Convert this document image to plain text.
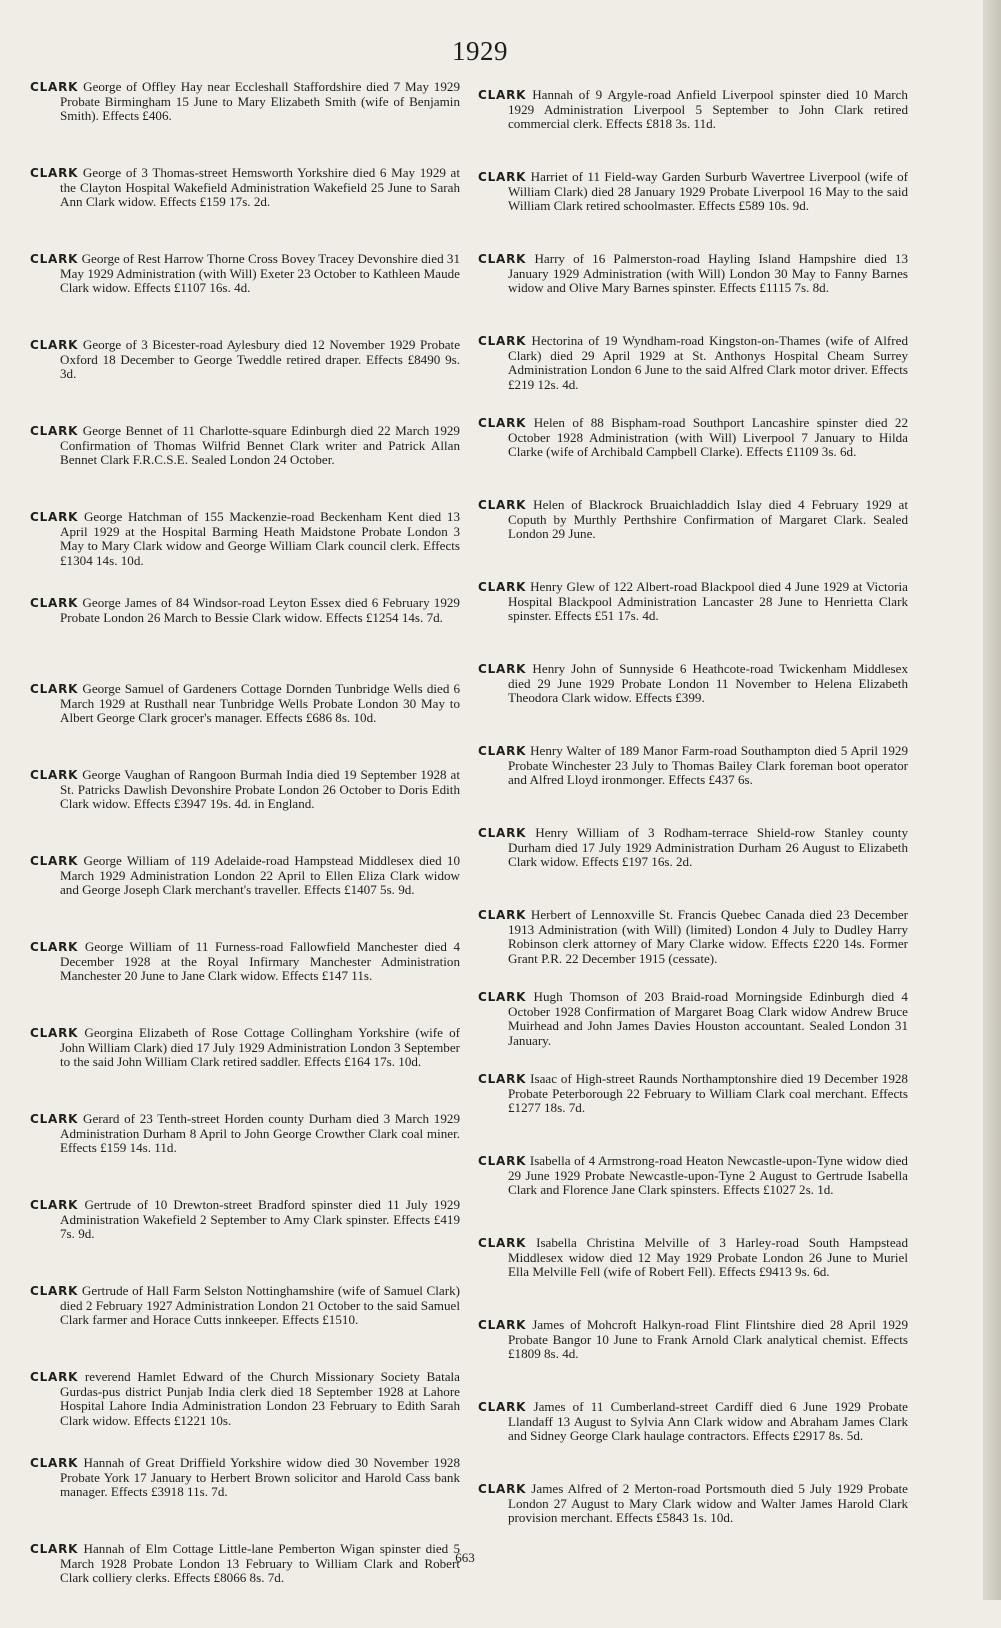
1929
CLARK George of Offley Hay near Eccleshall Staffordshire died 7 May 1929 Probate Birmingham 15 June to Mary Elizabeth Smith (wife of Benjamin Smith). Effects £406.
CLARK George of 3 Thomas-street Hemsworth Yorkshire died 6 May 1929 at the Clayton Hospital Wakefield Administration Wakefield 25 June to Sarah Ann Clark widow. Effects £159 17s. 2d.
CLARK George of Rest Harrow Thorne Cross Bovey Tracey Devonshire died 31 May 1929 Administration (with Will) Exeter 23 October to Kathleen Maude Clark widow. Effects £1107 16s. 4d.
CLARK George of 3 Bicester-road Aylesbury died 12 November 1929 Probate Oxford 18 December to George Tweddle retired draper. Effects £8490 9s. 3d.
CLARK George Bennet of 11 Charlotte-square Edinburgh died 22 March 1929 Confirmation of Thomas Wilfrid Bennet Clark writer and Patrick Allan Bennet Clark F.R.C.S.E. Sealed London 24 October.
CLARK George Hatchman of 155 Mackenzie-road Beckenham Kent died 13 April 1929 at the Hospital Barming Heath Maidstone Probate London 3 May to Mary Clark widow and George William Clark council clerk. Effects £1304 14s. 10d.
CLARK George James of 84 Windsor-road Leyton Essex died 6 February 1929 Probate London 26 March to Bessie Clark widow. Effects £1254 14s. 7d.
CLARK George Samuel of Gardeners Cottage Dornden Tunbridge Wells died 6 March 1929 at Rusthall near Tunbridge Wells Probate London 30 May to Albert George Clark grocer's manager. Effects £686 8s. 10d.
CLARK George Vaughan of Rangoon Burmah India died 19 September 1928 at St. Patricks Dawlish Devonshire Probate London 26 October to Doris Edith Clark widow. Effects £3947 19s. 4d. in England.
CLARK George William of 119 Adelaide-road Hampstead Middlesex died 10 March 1929 Administration London 22 April to Ellen Eliza Clark widow and George Joseph Clark merchant's traveller. Effects £1407 5s. 9d.
CLARK George William of 11 Furness-road Fallowfield Manchester died 4 December 1928 at the Royal Infirmary Manchester Administration Manchester 20 June to Jane Clark widow. Effects £147 11s.
CLARK Georgina Elizabeth of Rose Cottage Collingham Yorkshire (wife of John William Clark) died 17 July 1929 Administration London 3 September to the said John William Clark retired saddler. Effects £164 17s. 10d.
CLARK Gerard of 23 Tenth-street Horden county Durham died 3 March 1929 Administration Durham 8 April to John George Crowther Clark coal miner. Effects £159 14s. 11d.
CLARK Gertrude of 10 Drewton-street Bradford spinster died 11 July 1929 Administration Wakefield 2 September to Amy Clark spinster. Effects £419 7s. 9d.
CLARK Gertrude of Hall Farm Selston Nottinghamshire (wife of Samuel Clark) died 2 February 1927 Administration London 21 October to the said Samuel Clark farmer and Horace Cutts innkeeper. Effects £1510.
CLARK reverend Hamlet Edward of the Church Missionary Society Batala Gurdas-pus district Punjab India clerk died 18 September 1928 at Lahore Hospital Lahore India Administration London 23 February to Edith Sarah Clark widow. Effects £1221 10s.
CLARK Hannah of Great Driffield Yorkshire widow died 30 November 1928 Probate York 17 January to Herbert Brown solicitor and Harold Cass bank manager. Effects £3918 11s. 7d.
CLARK Hannah of Elm Cottage Little-lane Pemberton Wigan spinster died 5 March 1928 Probate London 13 February to William Clark and Robert Clark colliery clerks. Effects £8066 8s. 7d.
CLARK Hannah of 9 Argyle-road Anfield Liverpool spinster died 10 March 1929 Administration Liverpool 5 September to John Clark retired commercial clerk. Effects £818 3s. 11d.
CLARK Harriet of 11 Field-way Garden Surburb Wavertree Liverpool (wife of William Clark) died 28 January 1929 Probate Liverpool 16 May to the said William Clark retired schoolmaster. Effects £589 10s. 9d.
CLARK Harry of 16 Palmerston-road Hayling Island Hampshire died 13 January 1929 Administration (with Will) London 30 May to Fanny Barnes widow and Olive Mary Barnes spinster. Effects £1115 7s. 8d.
CLARK Hectorina of 19 Wyndham-road Kingston-on-Thames (wife of Alfred Clark) died 29 April 1929 at St. Anthonys Hospital Cheam Surrey Administration London 6 June to the said Alfred Clark motor driver. Effects £219 12s. 4d.
CLARK Helen of 88 Bispham-road Southport Lancashire spinster died 22 October 1928 Administration (with Will) Liverpool 7 January to Hilda Clarke (wife of Archibald Campbell Clarke). Effects £1109 3s. 6d.
CLARK Helen of Blackrock Bruaichladdich Islay died 4 February 1929 at Coputh by Murthly Perthshire Confirmation of Margaret Clark. Sealed London 29 June.
CLARK Henry Glew of 122 Albert-road Blackpool died 4 June 1929 at Victoria Hospital Blackpool Administration Lancaster 28 June to Henrietta Clark spinster. Effects £51 17s. 4d.
CLARK Henry John of Sunnyside 6 Heathcote-road Twickenham Middlesex died 29 June 1929 Probate London 11 November to Helena Elizabeth Theodora Clark widow. Effects £399.
CLARK Henry Walter of 189 Manor Farm-road Southampton died 5 April 1929 Probate Winchester 23 July to Thomas Bailey Clark foreman boot operator and Alfred Lloyd ironmonger. Effects £437 6s.
CLARK Henry William of 3 Rodham-terrace Shield-row Stanley county Durham died 17 July 1929 Administration Durham 26 August to Elizabeth Clark widow. Effects £197 16s. 2d.
CLARK Herbert of Lennoxville St. Francis Quebec Canada died 23 December 1913 Administration (with Will) (limited) London 4 July to Dudley Harry Robinson clerk attorney of Mary Clarke widow. Effects £220 14s. Former Grant P.R. 22 December 1915 (cessate).
CLARK Hugh Thomson of 203 Braid-road Morningside Edinburgh died 4 October 1928 Confirmation of Margaret Boag Clark widow Andrew Bruce Muirhead and John James Davies Houston accountant. Sealed London 31 January.
CLARK Isaac of High-street Raunds Northamptonshire died 19 December 1928 Probate Peterborough 22 February to William Clark coal merchant. Effects £1277 18s. 7d.
CLARK Isabella of 4 Armstrong-road Heaton Newcastle-upon-Tyne widow died 29 June 1929 Probate Newcastle-upon-Tyne 2 August to Gertrude Isabella Clark and Florence Jane Clark spinsters. Effects £1027 2s. 1d.
CLARK Isabella Christina Melville of 3 Harley-road South Hampstead Middlesex widow died 12 May 1929 Probate London 26 June to Muriel Ella Melville Fell (wife of Robert Fell). Effects £9413 9s. 6d.
CLARK James of Mohcroft Halkyn-road Flint Flintshire died 28 April 1929 Probate Bangor 10 June to Frank Arnold Clark analytical chemist. Effects £1809 8s. 4d.
CLARK James of 11 Cumberland-street Cardiff died 6 June 1929 Probate Llandaff 13 August to Sylvia Ann Clark widow and Abraham James Clark and Sidney George Clark haulage contractors. Effects £2917 8s. 5d.
CLARK James Alfred of 2 Merton-road Portsmouth died 5 July 1929 Probate London 27 August to Mary Clark widow and Walter James Harold Clark provision merchant. Effects £5843 1s. 10d.
663
